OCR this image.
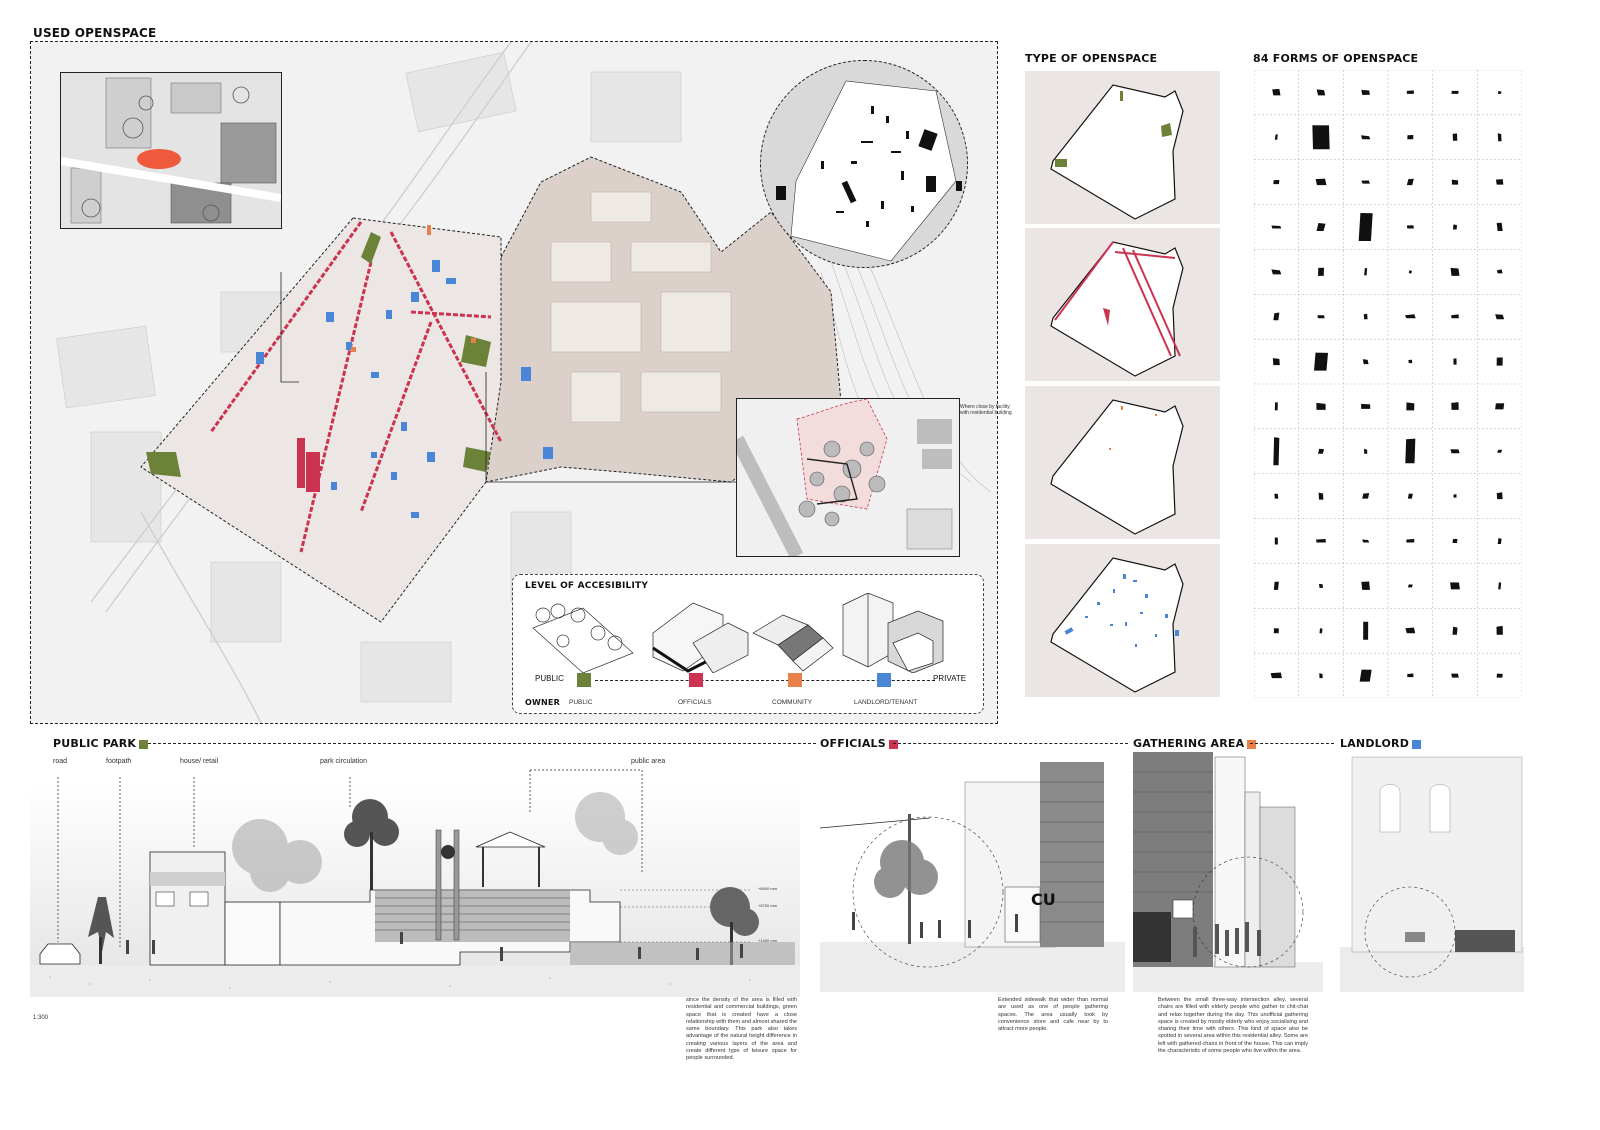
USED OPENSPACE
Where close by facility with residential building
LEVEL OF ACCESIBILITY
PUBLIC	PRIVATE
OWNER PUBLIC	OFFICIALS	COMMUNITY	LANDLORD/TENANT
TYPE OF OPENSPACE	84 FORMS OF OPENSPACE
PUBLIC PARK	OFFICIALS	GATHERING AREA	LANDLORD
road	footpath	house/ retail	park circulation	public area
+8400 mm
+5700 mm
+1400 mm
1:300
since the density of the area is filled with residential and commercial buildings, green space that is created have a close relationship with them and almost shared the same boundary. This park also takes advantage of the natural height difference in creating various layers of the area and create different type of leisure space for people surrounded.
CU
Extended sidewalk that wider than normal are used as one of people gathering spaces. The area usually took by convenience store and cafe near by to attract more people.
Between the small three-way intersection alley, several chairs are filled with elderly people who gather to chit-chat and relax together during the day. This unofficial gathering space is created by mostly elderly who enjoy socialising and sharing their time with others. This kind of space also be spotted in several area within this residential alley. Some are left with gathered chairs in front of the house. This can imply the characteristic of some people who live within the area.
